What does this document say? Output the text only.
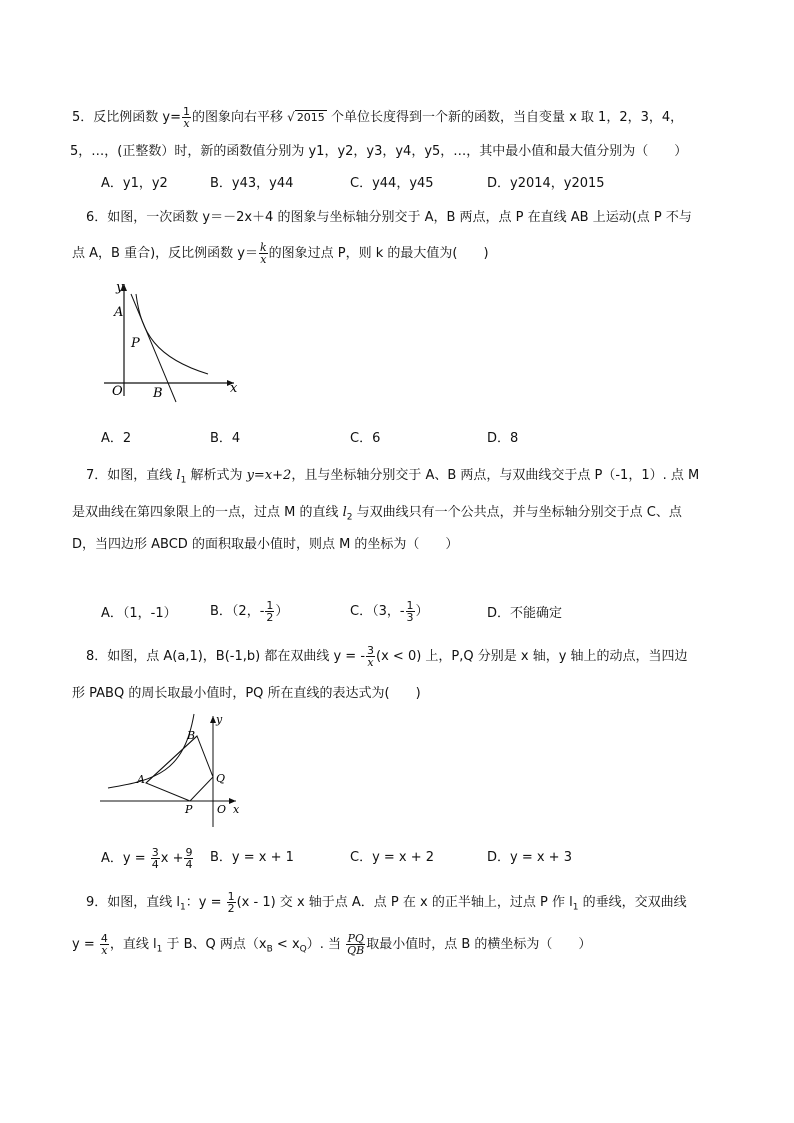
5．反比例函数 $y= \frac{1}{x}$ 的图象向右平移 √ 2015 个单位长度得到一个新的函数，当自变量 x 取 1，2，3，4，
5，…，(正整数）时，新的函数值分别为 y1，y2，y3，y4，y5，…，其中最小值和最大值分别为（　　）
A．y1，y2	B．y43，y44	C．y44，y45	D．y2014，y2015
6．如图，一次函数 y＝－2x＋4 的图象与坐标轴分别交于 A，B 两点，点 P 在直线 AB 上运动(点 P 不与
点 A，B 重合)，反比例函数 $y= \frac{k}{x}$ 的图象过点 P，则 k 的最大值为(　　)
y
x
O
A
B
P
A．2	B．4	C．6	D．8
7．如图，直线 $l_1$ 解析式为 y=x+2，且与坐标轴分别交于 A、B 两点，与双曲线交于点 P（-1，1）. 点 M
是双曲线在第四象限上的一点，过点 M 的直线 $l_2$ 与双曲线只有一个公共点，并与坐标轴分别交于点 C、点
D，当四边形 ABCD 的面积取最小值时，则点 M 的坐标为（　　）
A．（1，-1）	B．（2，- $\frac{1}{2}$ ）	C．（3，- $\frac{1}{3}$ ）	D．不能确定
8．如图，点 A(a,1)，B(-1,b) 都在双曲线 y = - $\frac{3}{x} (x < 0)$ 上，P,Q 分别是 x 轴，y 轴上的动点，当四边
形 PABQ 的周长取最小值时，PQ 所在直线的表达式为(　　)
y
x
O
A
B
P
Q
A．$y = \frac{3}{4}$ $x + \frac{9}{4}$ B．y = x + 1	C．y = x + 2	D．y = x + 3
9．如图，直线 $l_1$：$y = \frac{1}{2} (x - 1)$ 交 x 轴于点 A．点 P 在 x 的正半轴上，过点 P 作 $l_1$ 的垂线，交双曲线
$y = \frac{4}{x}$ ，直线 $l_1$ 于 B、Q 两点$(x_B < x_Q)$. 当 $\frac{PQ}{QB}$ 取最小值时，点 B 的横坐标为（　　）
